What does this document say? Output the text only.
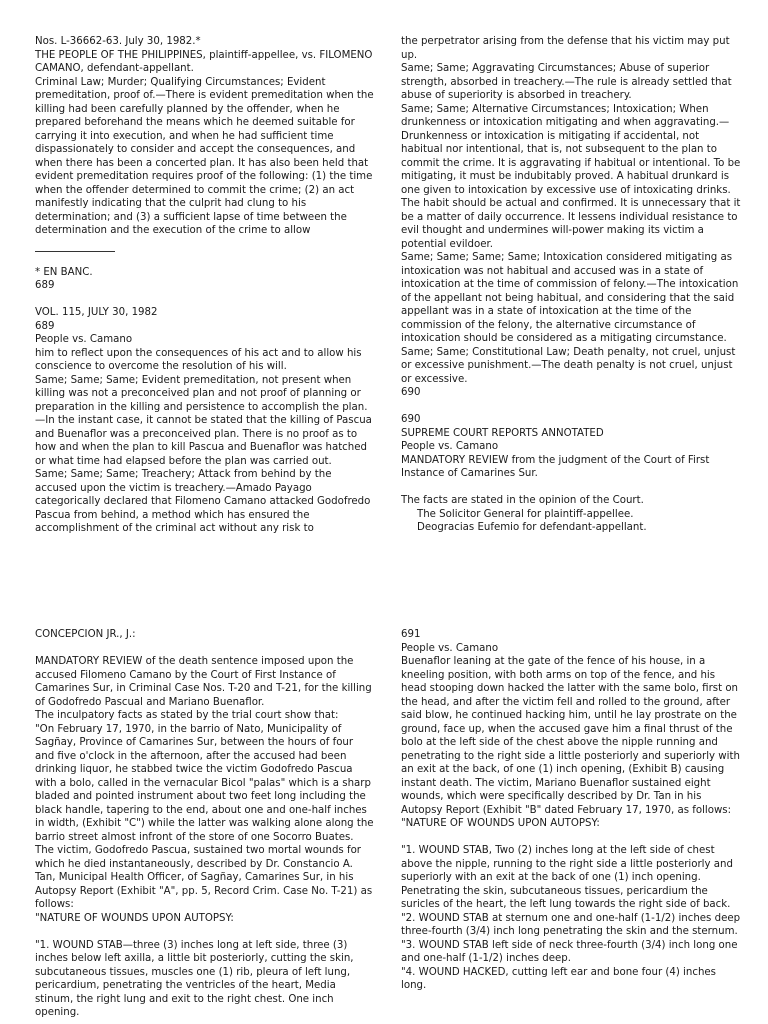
Nos. L-36662-63. July 30, 1982.*

THE PEOPLE OF THE PHILIPPINES, plaintiff-appellee, vs. FILOMENO CAMANO, defendant-appellant.

Criminal Law; Murder; Qualifying Circumstances; Evident premeditation, proof of.—There is evident premeditation when the killing had been carefully planned by the offender, when he prepared beforehand the means which he deemed suitable for carrying it into execution, and when he had sufficient time dispassionately to consider and accept the consequences, and when there has been a concerted plan. It has also been held that evident premeditation requires proof of the following: (1) the time when the offender determined to commit the crime; (2) an act manifestly indicating that the culprit had clung to his determination; and (3) a sufficient lapse of time between the determination and the execution of the crime to allow

* EN BANC.

689

VOL. 115, JULY 30, 1982

689

People vs. Camano

him to reflect upon the consequences of his act and to allow his conscience to overcome the resolution of his will.

Same; Same; Same; Evident premeditation, not present when killing was not a preconceived plan and not proof of planning or preparation in the killing and persistence to accomplish the plan.—In the instant case, it cannot be stated that the killing of Pascua and Buenaflor was a preconceived plan. There is no proof as to how and when the plan to kill Pascua and Buenaflor was hatched or what time had elapsed before the plan was carried out.

Same; Same; Same; Treachery; Attack from behind by the accused upon the victim is treachery.—Amado Payago categorically declared that Filomeno Camano attacked Godofredo Pascua from behind, a method which has ensured the accomplishment of the criminal act without any risk to

the perpetrator arising from the defense that his victim may put up.

Same; Same; Aggravating Circumstances; Abuse of superior strength, absorbed in treachery.—The rule is already settled that abuse of superiority is absorbed in treachery.

Same; Same; Alternative Circumstances; Intoxication; When drunkenness or intoxication mitigating and when aggravating.—Drunkenness or intoxication is mitigating if accidental, not habitual nor intentional, that is, not subsequent to the plan to commit the crime. It is aggravating if habitual or intentional. To be mitigating, it must be indubitably proved. A habitual drunkard is one given to intoxication by excessive use of intoxicating drinks. The habit should be actual and confirmed. It is unnecessary that it be a matter of daily occurrence. It lessens individual resistance to evil thought and undermines will-power making its victim a potential evildoer.

Same; Same; Same; Same; Intoxication considered mitigating as intoxication was not habitual and accused was in a state of intoxication at the time of commission of felony.—The intoxication of the appellant not being habitual, and considering that the said appellant was in a state of intoxication at the time of the commission of the felony, the alternative circumstance of intoxication should be considered as a mitigating circumstance.

Same; Same; Constitutional Law; Death penalty, not cruel, unjust or excessive punishment.—The death penalty is not cruel, unjust or excessive.

690

690

SUPREME COURT REPORTS ANNOTATED

People vs. Camano

MANDATORY REVIEW from the judgment of the Court of First Instance of Camarines Sur.

The facts are stated in the opinion of the Court.

The Solicitor General for plaintiff-appellee.

Deogracias Eufemio for defendant-appellant.

CONCEPCION JR., J.:

MANDATORY REVIEW of the death sentence imposed upon the accused Filomeno Camano by the Court of First Instance of Camarines Sur, in Criminal Case Nos. T-20 and T-21, for the killing of Godofredo Pascual and Mariano Buenaflor.

The inculpatory facts as stated by the trial court show that:

"On February 17, 1970, in the barrio of Nato, Municipality of Sagñay, Province of Camarines Sur, between the hours of four and five o'clock in the afternoon, after the accused had been drinking liquor, he stabbed twice the victim Godofredo Pascua with a bolo, called in the vernacular Bicol "palas" which is a sharp bladed and pointed instrument about two feet long including the black handle, tapering to the end, about one and one-half inches in width, (Exhibit "C") while the latter was walking alone along the barrio street almost infront of the store of one Socorro Buates. The victim, Godofredo Pascua, sustained two mortal wounds for which he died instantaneously, described by Dr. Constancio A. Tan, Municipal Health Officer, of Sagñay, Camarines Sur, in his Autopsy Report (Exhibit "A", pp. 5, Record Crim. Case No. T-21) as follows:

"NATURE OF WOUNDS UPON AUTOPSY:

"1. WOUND STAB—three (3) inches long at left side, three (3) inches below left axilla, a little bit posteriorly, cutting the skin, subcutaneous tissues, muscles one (1) rib, pleura of left lung, pericardium, penetrating the ventricles of the heart, Media stinum, the right lung and exit to the right chest. One inch opening.

691

People vs. Camano

Buenaflor leaning at the gate of the fence of his house, in a kneeling position, with both arms on top of the fence, and his head stooping down hacked the latter with the same bolo, first on the head, and after the victim fell and rolled to the ground, after said blow, he continued hacking him, until he lay prostrate on the ground, face up, when the accused gave him a final thrust of the bolo at the left side of the chest above the nipple running and penetrating to the right side a little posteriorly and superiorly with an exit at the back, of one (1) inch opening, (Exhibit B) causing instant death. The victim, Mariano Buenaflor sustained eight wounds, which were specifically described by Dr. Tan in his Autopsy Report (Exhibit "B" dated February 17, 1970, as follows:

"NATURE OF WOUNDS UPON AUTOPSY:

"1. WOUND STAB, Two (2) inches long at the left side of chest above the nipple, running to the right side a little posteriorly and superiorly with an exit at the back of one (1) inch opening. Penetrating the skin, subcutaneous tissues, pericardium the suricles of the heart, the left lung towards the right side of back.

"2. WOUND STAB at sternum one and one-half (1-1/2) inches deep three-fourth (3/4) inch long penetrating the skin and the sternum.

"3. WOUND STAB left side of neck three-fourth (3/4) inch long one and one-half (1-1/2) inches deep.

"4. WOUND HACKED, cutting left ear and bone four (4) inches long.
